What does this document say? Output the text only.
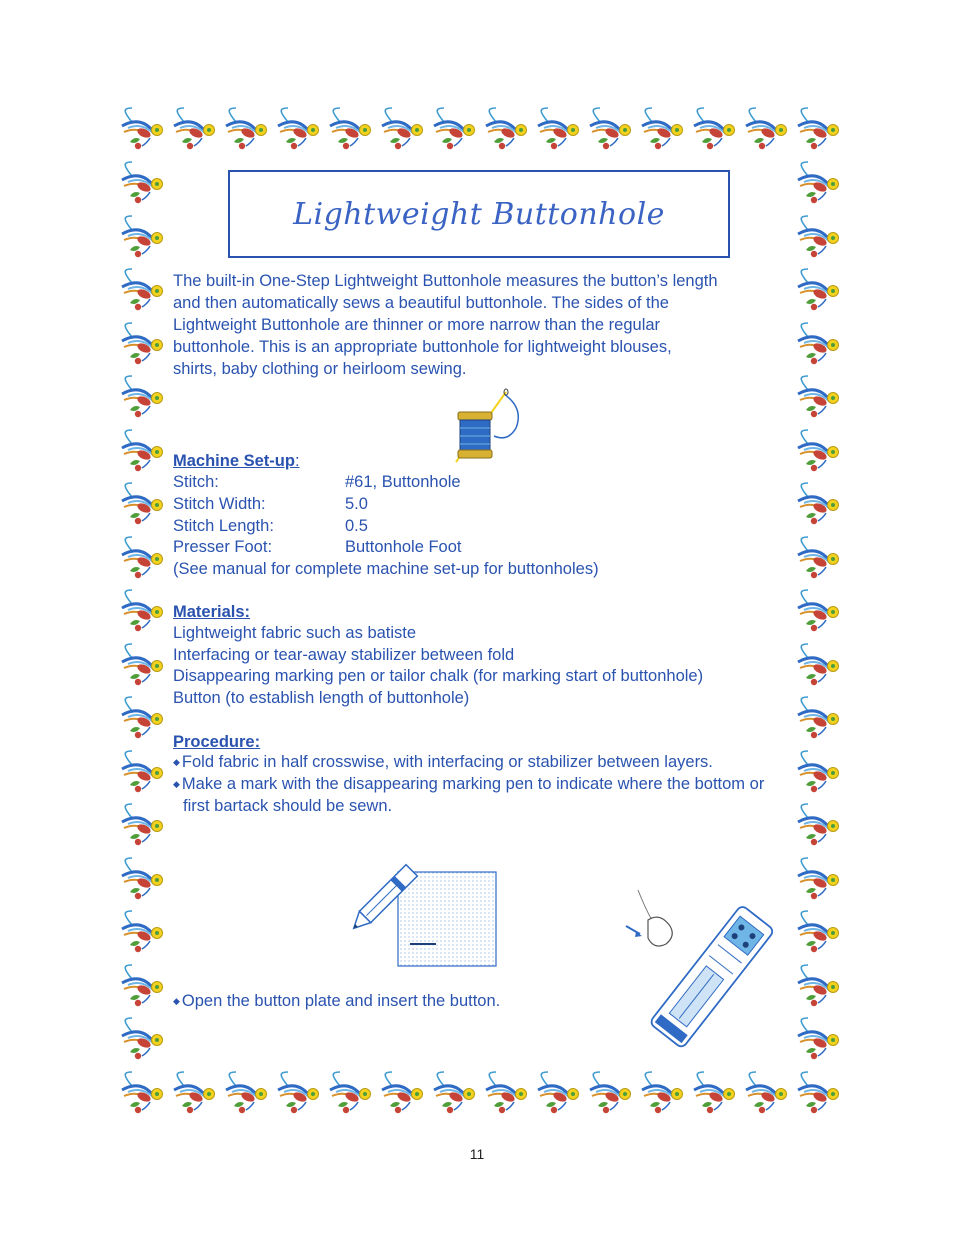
Lightweight Buttonhole
The built-in One-Step Lightweight Buttonhole measures the button’s length
and then automatically sews a beautiful buttonhole. The sides of the
Lightweight Buttonhole are thinner or more narrow than the regular
buttonhole. This is an appropriate buttonhole for lightweight blouses,
shirts, baby clothing or heirloom sewing.
Machine Set-up:
Stitch:	#61, Buttonhole
Stitch Width:	5.0
Stitch Length:	0.5
Presser Foot:	Buttonhole Foot
(See manual for complete machine set-up for buttonholes)
Materials:
Lightweight fabric such as batiste
Interfacing or tear-away stabilizer between fold
Disappearing marking pen or tailor chalk (for marking start of buttonhole)
Button (to establish length of buttonhole)
Procedure:
◆ Fold fabric in half crosswise, with interfacing or stabilizer between layers.
◆ Make a mark with the disappearing marking pen to indicate where the bottom or first bartack should be sewn.
◆ Open the button plate and insert the button.
11
